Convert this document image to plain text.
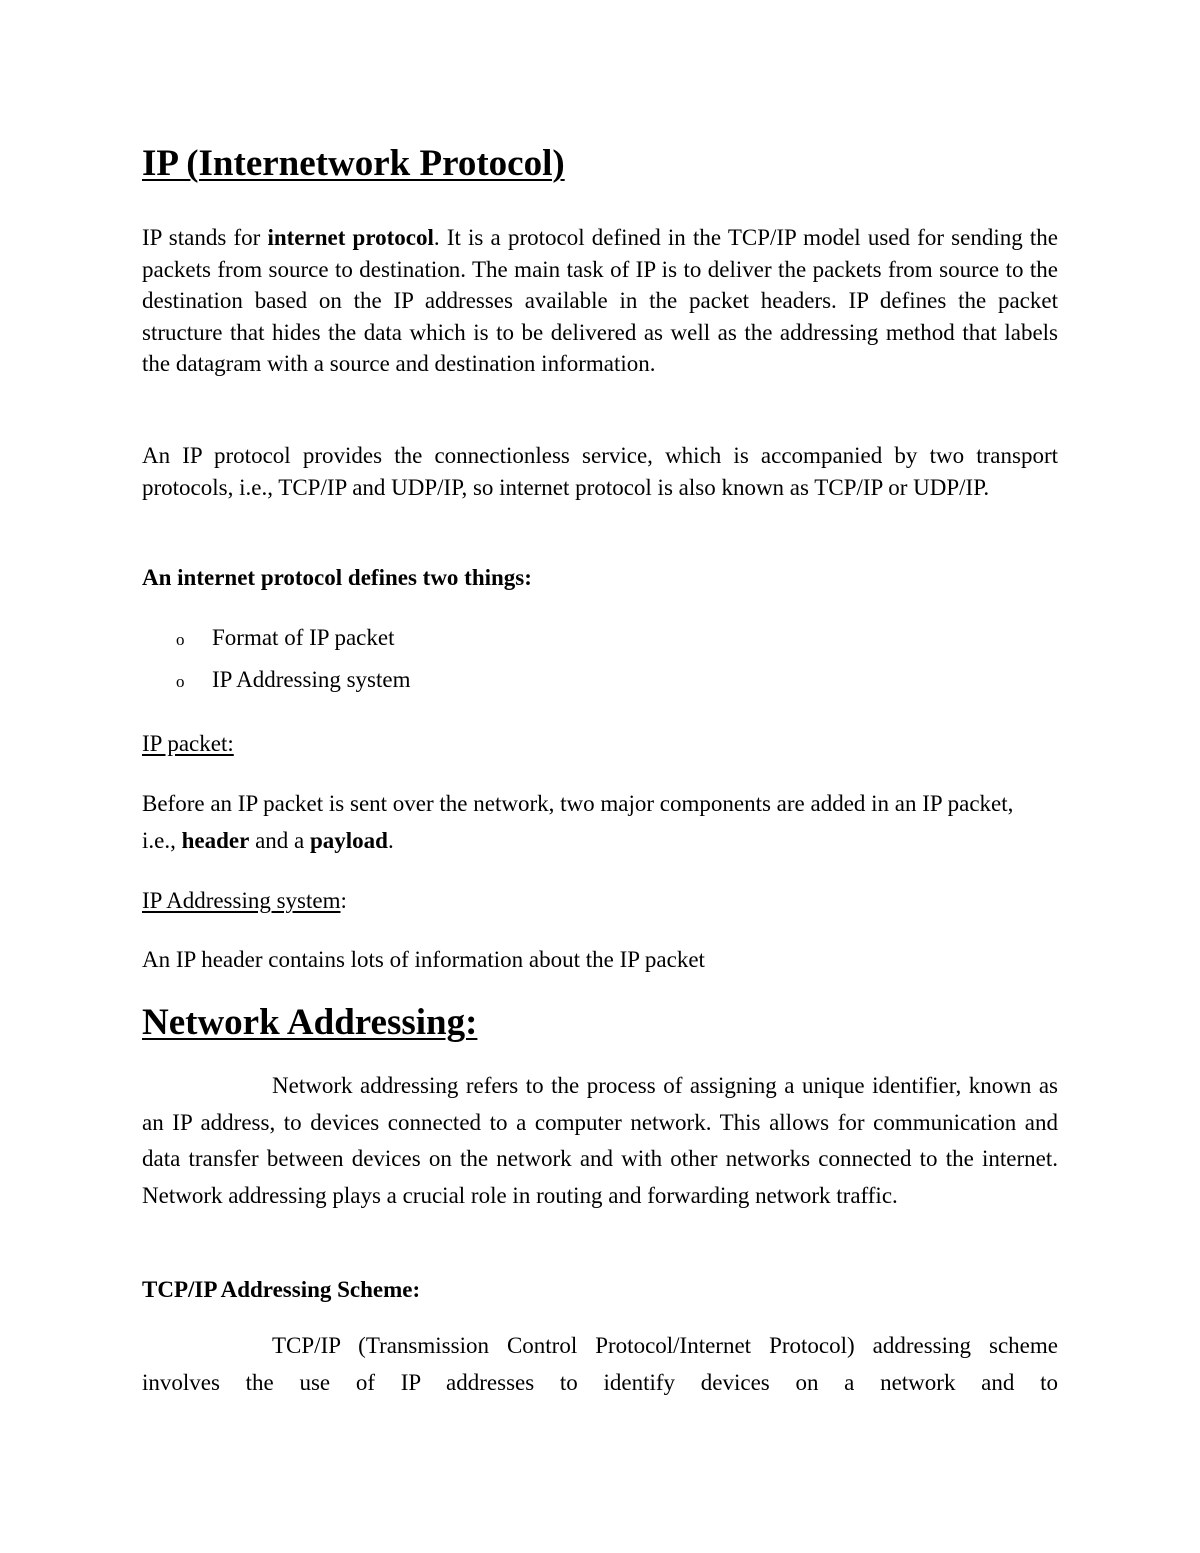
IP (Internetwork Protocol)
IP stands for internet protocol. It is a protocol defined in the TCP/IP model used for sending the packets from source to destination. The main task of IP is to deliver the packets from source to the destination based on the IP addresses available in the packet headers. IP defines the packet structure that hides the data which is to be delivered as well as the addressing method that labels the datagram with a source and destination information.
An IP protocol provides the connectionless service, which is accompanied by two transport protocols, i.e., TCP/IP and UDP/IP, so internet protocol is also known as TCP/IP or UDP/IP.
An internet protocol defines two things:
o Format of IP packet
o IP Addressing system
IP packet:
Before an IP packet is sent over the network, two major components are added in an IP packet, i.e., header and a payload.
IP Addressing system:
An IP header contains lots of information about the IP packet
Network Addressing:
Network addressing refers to the process of assigning a unique identifier, known as an IP address, to devices connected to a computer network. This allows for communication and data transfer between devices on the network and with other networks connected to the internet. Network addressing plays a crucial role in routing and forwarding network traffic.
TCP/IP Addressing Scheme:
TCP/IP (Transmission Control Protocol/Internet Protocol) addressing scheme involves the use of IP addresses to identify devices on a network and to
